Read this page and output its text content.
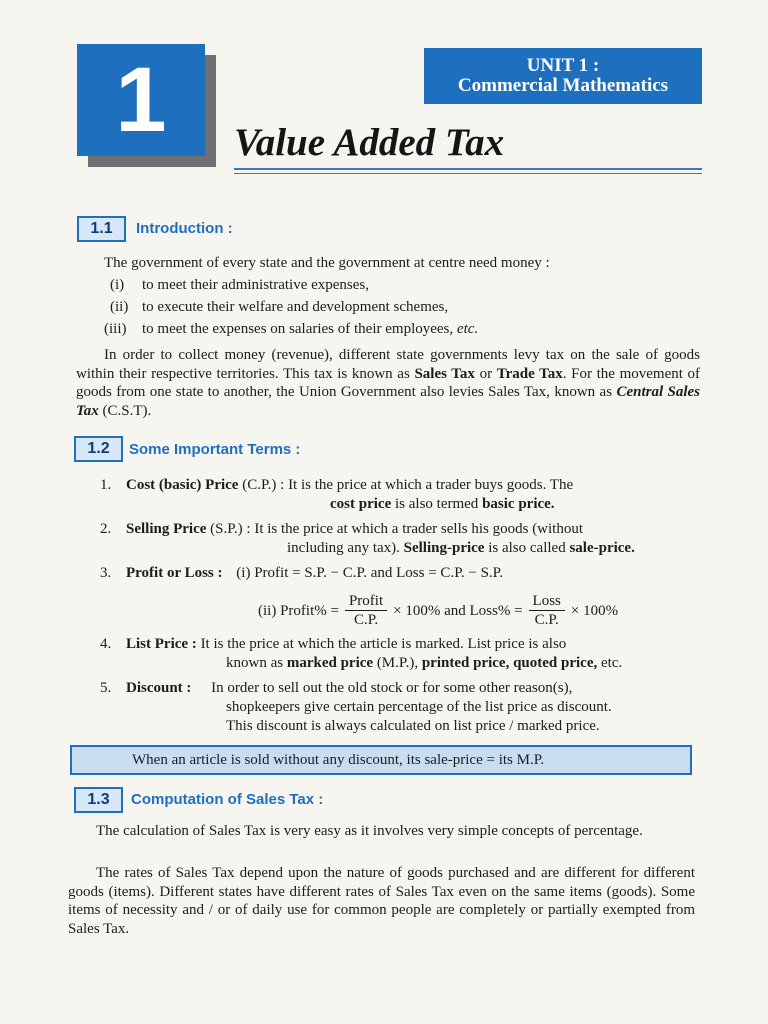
1	UNIT 1 :
Commercial Mathematics
Value Added Tax
1.1	Introduction :

The government of every state and the government at centre need money :

(i) to meet their administrative expenses,
(ii) to execute their welfare and development schemes,
(iii) to meet the expenses on salaries of their employees, etc.

In order to collect money (revenue), different state governments levy tax on the sale of goods within their respective territories. This tax is known as Sales Tax or Trade Tax. For the movement of goods from one state to another, the Union Government also levies Sales Tax, known as Central Sales Tax (C.S.T).

1.2	Some Important Terms :
1. Cost (basic) Price (C.P.) : It is the price at which a trader buys goods. The
cost price is also termed basic price.
2. Selling Price (S.P.) : It is the price at which a trader sells his goods (without
including any tax). Selling-price is also called sale-price.
3. Profit or Loss : (i) Profit = S.P. − C.P. and Loss = C.P. − S.P.
(ii) Profit% = $\frac{\text{Profit}}{C.P.} \times 100\%$ and Loss% = $\frac{\text{Loss}}{C.P.} \times 100\%$
4. List Price : It is the price at which the article is marked. List price is also
known as marked price (M.P.), printed price, quoted price, etc.
5. Discount : In order to sell out the old stock or for some other reason(s),
shopkeepers give certain percentage of the list price as discount.
This discount is always calculated on list price / marked price.
When an article is sold without any discount, its sale-price = its M.P.
1.3	Computation of Sales Tax :

The calculation of Sales Tax is very easy as it involves very simple concepts of percentage.

The rates of Sales Tax depend upon the nature of goods purchased and are different for different goods (items). Different states have different rates of Sales Tax even on the same items (goods). Some items of necessity and / or of daily use for common people are completely or partially exempted from Sales Tax.
